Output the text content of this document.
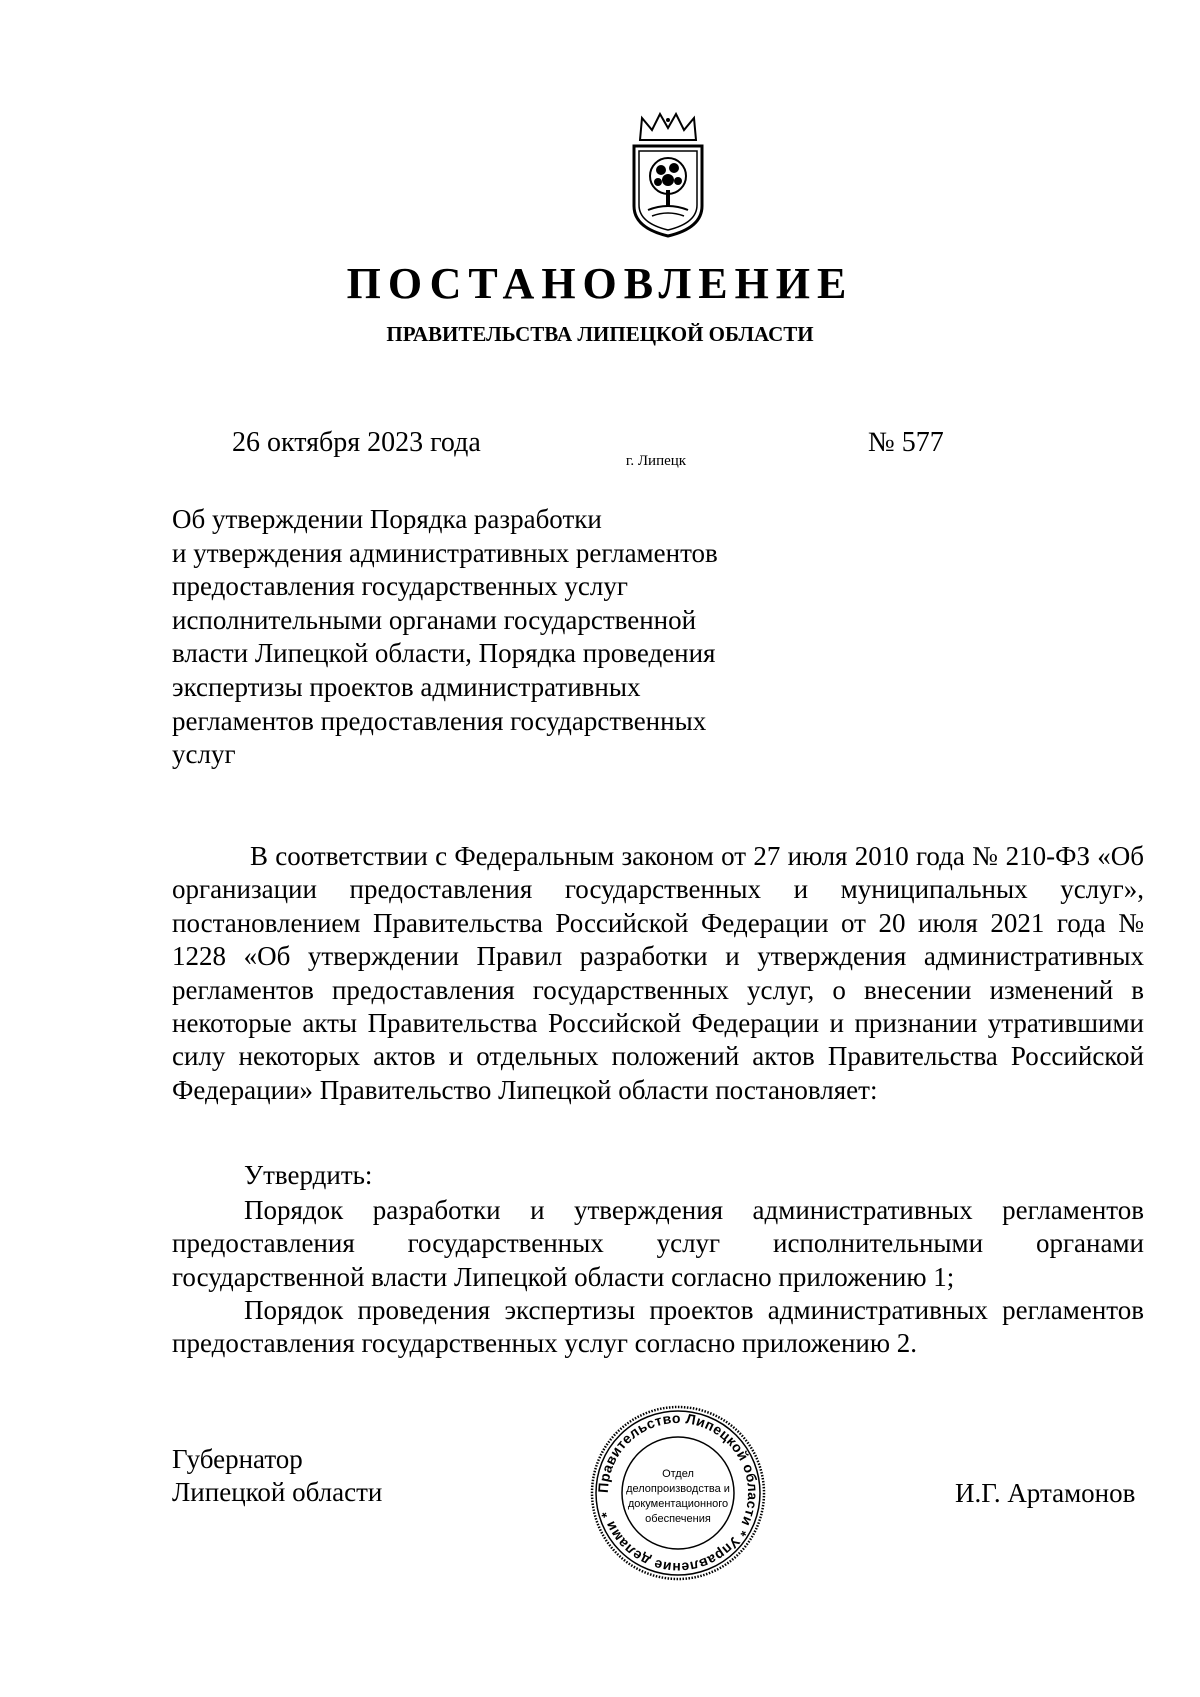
ПОСТАНОВЛЕНИЕ
ПРАВИТЕЛЬСТВА ЛИПЕЦКОЙ ОБЛАСТИ
26 октября 2023 года
г. Липецк
№ 577
Об утверждении Порядка разработки
и утверждения административных регламентов
предоставления государственных услуг
исполнительными органами государственной
власти Липецкой области, Порядка проведения
экспертизы проектов административных
регламентов предоставления государственных
услуг

В соответствии с Федеральным законом от 27 июля 2010 года № 210-ФЗ «Об организации предоставления государственных и муниципальных услуг», постановлением Правительства Российской Федерации от 20 июля 2021 года № 1228 «Об утверждении Правил разработки и утверждения административных регламентов предоставления государственных услуг, о внесении изменений в некоторые акты Правительства Российской Федерации и признании утратившими силу некоторых актов и отдельных положений актов Правительства Российской Федерации» Правительство Липецкой области постановляет:

Утвердить:

Порядок разработки и утверждения административных регламентов предоставления государственных услуг исполнительными органами государственной власти Липецкой области согласно приложению 1;

Порядок проведения экспертизы проектов административных регламентов предоставления государственных услуг согласно приложению 2.

Губернатор
Липецкой области	И.Г. Артамонов
Правительство Липецкой области * Управление делами *
Отдел
делопроизводства и
документационного
обеспечения
